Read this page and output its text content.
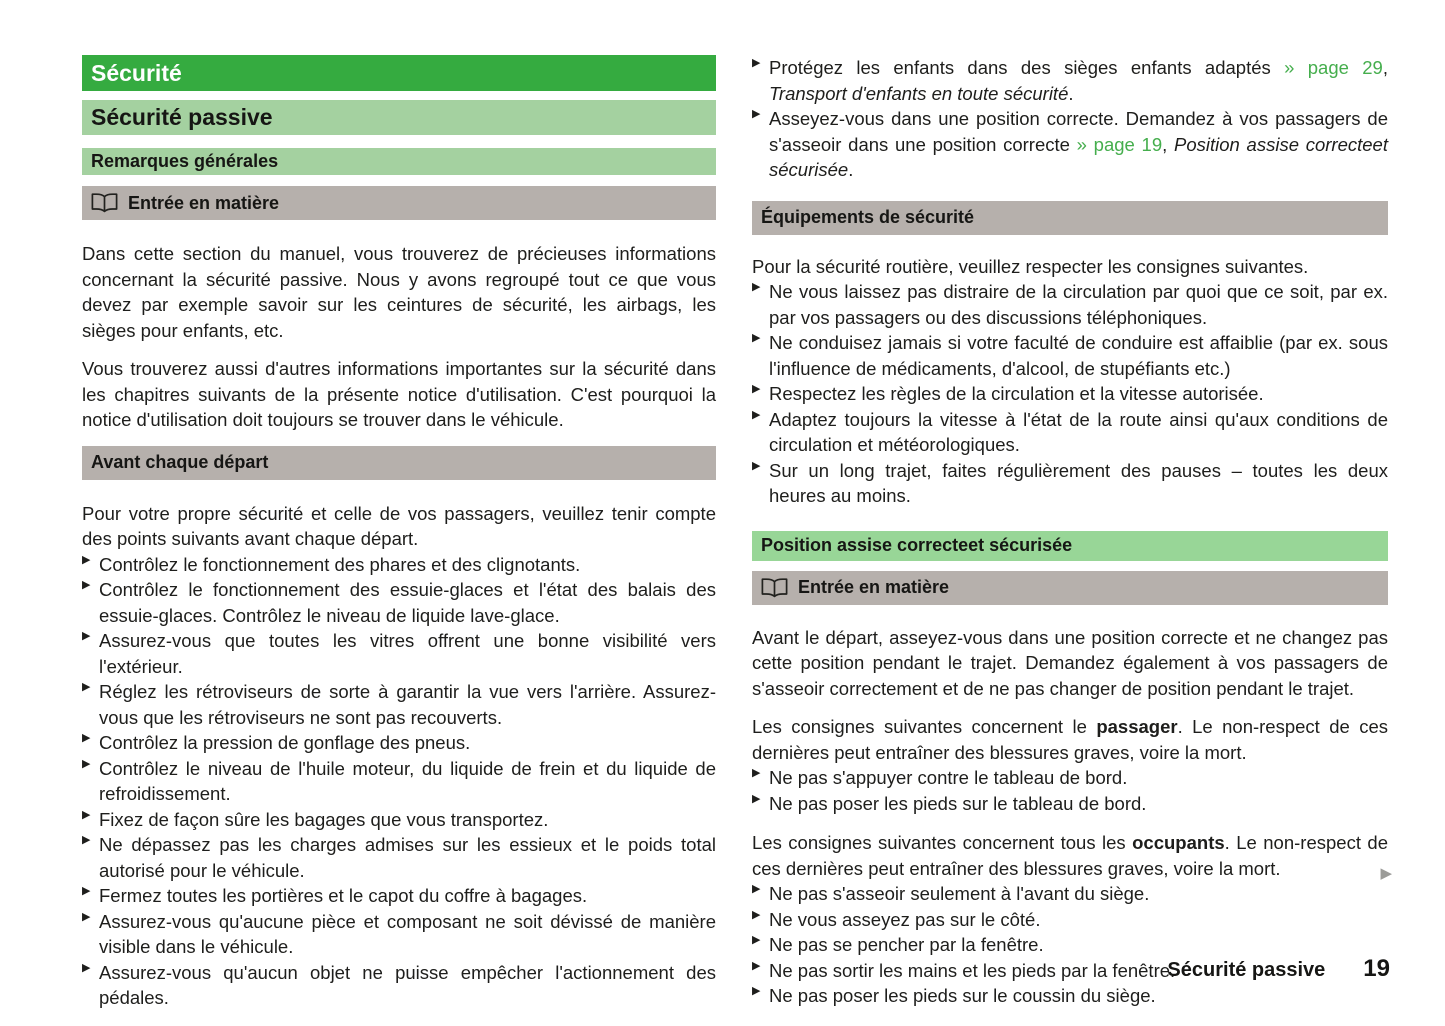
Sécurité
Sécurité passive
Remarques générales
Entrée en matière

Dans cette section du manuel, vous trouverez de précieuses informations concernant la sécurité passive. Nous y avons regroupé tout ce que vous devez par exemple savoir sur les ceintures de sécurité, les airbags, les sièges pour enfants, etc.

Vous trouverez aussi d'autres informations importantes sur la sécurité dans les chapitres suivants de la présente notice d'utilisation. C'est pourquoi la notice d'utilisation doit toujours se trouver dans le véhicule.

Avant chaque départ

Pour votre propre sécurité et celle de vos passagers, veuillez tenir compte des points suivants avant chaque départ.

▶ Contrôlez le fonctionnement des phares et des clignotants.
▶ Contrôlez le fonctionnement des essuie-glaces et l'état des balais des essuie-glaces. Contrôlez le niveau de liquide lave-glace.
▶ Assurez-vous que toutes les vitres offrent une bonne visibilité vers l'extérieur.
▶ Réglez les rétroviseurs de sorte à garantir la vue vers l'arrière. Assurez-vous que les rétroviseurs ne sont pas recouverts.
▶ Contrôlez la pression de gonflage des pneus.
▶ Contrôlez le niveau de l'huile moteur, du liquide de frein et du liquide de refroidissement.
▶ Fixez de façon sûre les bagages que vous transportez.
▶ Ne dépassez pas les charges admises sur les essieux et le poids total autorisé pour le véhicule.
▶ Fermez toutes les portières et le capot du coffre à bagages.
▶ Assurez-vous qu'aucune pièce et composant ne soit dévissé de manière visible dans le véhicule.
▶ Assurez-vous qu'aucun objet ne puisse empêcher l'actionnement des pédales.
▶ Protégez les enfants dans des sièges enfants adaptés » page 29, Transport d'enfants en toute sécurité.
▶ Asseyez-vous dans une position correcte. Demandez à vos passagers de s'asseoir dans une position correcte » page 19, Position assise correcteet sécurisée.
Équipements de sécurité

Pour la sécurité routière, veuillez respecter les consignes suivantes.

▶ Ne vous laissez pas distraire de la circulation par quoi que ce soit, par ex. par vos passagers ou des discussions téléphoniques.
▶ Ne conduisez jamais si votre faculté de conduire est affaiblie (par ex. sous l'influence de médicaments, d'alcool, de stupéfiants etc.)
▶ Respectez les règles de la circulation et la vitesse autorisée.
▶ Adaptez toujours la vitesse à l'état de la route ainsi qu'aux conditions de circulation et météorologiques.
▶ Sur un long trajet, faites régulièrement des pauses – toutes les deux heures au moins.
Position assise correcteet sécurisée
Entrée en matière

Avant le départ, asseyez-vous dans une position correcte et ne changez pas cette position pendant le trajet. Demandez également à vos passagers de s'asseoir correctement et de ne pas changer de position pendant le trajet.

Les consignes suivantes concernent le passager. Le non-respect de ces dernières peut entraîner des blessures graves, voire la mort.

▶ Ne pas s'appuyer contre le tableau de bord.
▶ Ne pas poser les pieds sur le tableau de bord.

Les consignes suivantes concernent tous les occupants. Le non-respect de ces dernières peut entraîner des blessures graves, voire la mort.

▶ Ne pas s'asseoir seulement à l'avant du siège.
▶ Ne vous asseyez pas sur le côté.
▶ Ne pas se pencher par la fenêtre.
▶ Ne pas sortir les mains et les pieds par la fenêtre.
▶ Ne pas poser les pieds sur le coussin du siège.
▶
Sécurité passive 19
